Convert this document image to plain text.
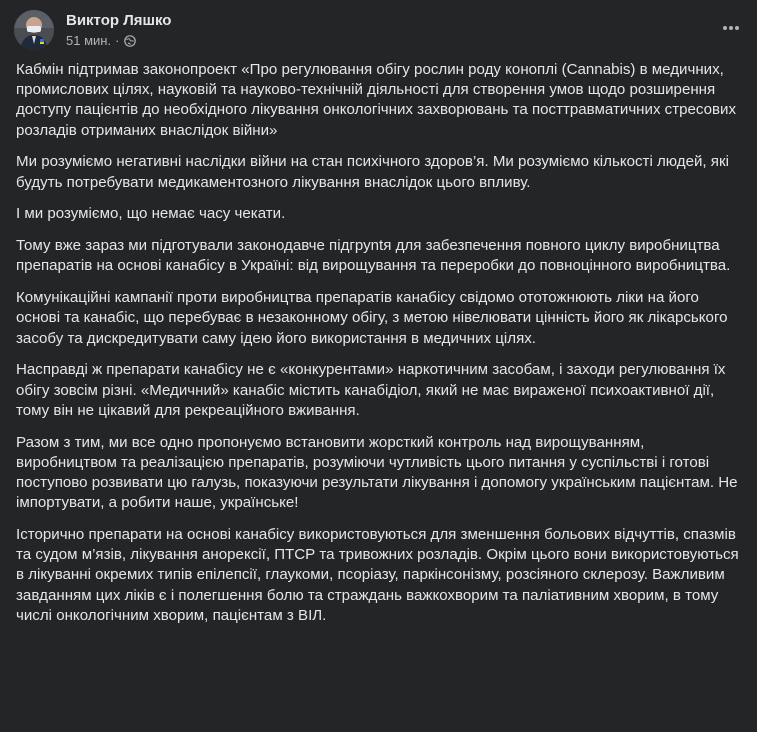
Виктор Ляшко
51 мин. ·

Кабмін підтримав законопроект «Про регулювання обігу рослин роду коноплі (Cannabis) в медичних, промислових цілях, науковій та науково-технічній діяльності для створення умов щодо розширення доступу пацієнтів до необхідного лікування онкологічних захворювань та посттравматичних стресових розладів отриманих внаслідок війни»

Ми розуміємо негативні наслідки війни на стан психічного здоров’я. Ми розуміємо кількості людей, які будуть потребувати медикаментозного лікування внаслідок цього впливу.

І ми розуміємо, що немає часу чекати.

Тому вже зараз ми підготували законодавче підгруntя для забезпечення повного циклу виробництва препаратів на основі канабісу в Україні: від вирощування та переробки до повноцінного виробництва.

Комунікаційні кампанії проти виробництва препаратів канабісу свідомо ототожнюють ліки на його основі та канабіс, що перебуває в незаконному обігу, з метою нівелювати цінність його як лікарського засобу та дискредитувати саму ідею його використання в медичних цілях.

Насправді ж препарати канабісу не є «конкурентами» наркотичним засобам, і заходи регулювання їх обігу зовсім різні. «Медичний» канабіс містить канабідіол, який не має вираженої психоактивної дії, тому він не цікавий для рекреаційного вживання.

Разом з тим, ми все одно пропонуємо встановити жорсткий контроль над вирощуванням, виробництвом та реалізацією препаратів, розуміючи чутливість цього питання у суспільстві і готові поступово розвивати цю галузь, показуючи результати лікування і допомогу українським пацієнтам. Не імпортувати, а робити наше, українське!

Історично препарати на основі канабісу використовуються для зменшення больових відчуттів, спазмів та судом м’язів, лікування анорексії, ПТСР та тривожних розладів. Окрім цього вони використовуються в лікуванні окремих типів епілепсії, глаукоми, псоріазу, паркінсонізму, розсіяного склерозу. Важливим завданням цих ліків є і полегшення болю та страждань важкохворим та паліативним хворим, в тому числі онкологічним хворим, пацієнтам з ВІЛ.
